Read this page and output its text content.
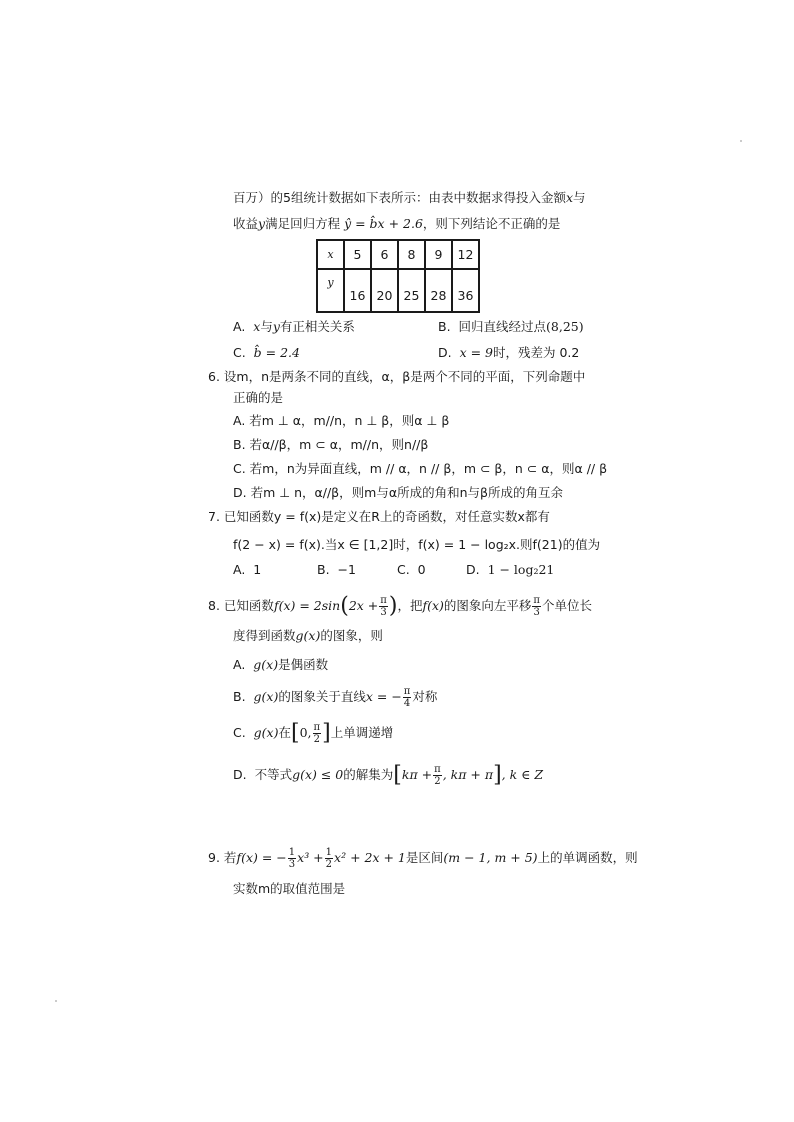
百万）的5组统计数据如下表所示：由表中数据求得投入金额x与
收益y满足回归方程 ŷ = b̂x + 2.6，则下列结论不正确的是
x	5	6	8	9	12
y	16	20	25	28	36
A. x与y有正相关关系	B. 回归直线经过点(8,25)
C. b̂ = 2.4	D. x = 9时，残差为 0.2
6. 设m，n是两条不同的直线，α，β是两个不同的平面，下列命题中
正确的是
A. 若m ⊥ α，m//n，n ⊥ β，则α ⊥ β
B. 若α//β，m ⊂ α，m//n，则n//β
C. 若m，n为异面直线，m // α，n // β，m ⊂ β，n ⊂ α，则α // β
D. 若m ⊥ n，α//β，则m与α所成的角和n与β所成的角互余
7. 已知函数y = f(x)是定义在R上的奇函数，对任意实数x都有
f(2 − x) = f(x).当x ∈ [1,2]时，f(x) = 1 − log₂x.则f(21)的值为
A. 1	B. −1	C. 0	D. 1 − log₂21
8. 已知函数$f(x) = 2\sin(2x + \frac{\pi}{3}$ )，把f(x)的图象向左平移 $\frac{\pi}{3}$ 个单位长
度得到函数g(x)的图象，则
A. g(x)是偶函数
B. g(x)的图象关于直线x = − $\frac{\pi}{4}$ 对称
C. g(x)在[0, $\frac{\pi}{2}$ ]上单调递增
D. 不等式g(x) ≤ 0的解集为[$k\pi + \frac{\pi}{2}$ , kπ + π], k ∈ Z
9. 若f(x) = − $\frac{1}{3} x^3 + \frac{1}{2} x^2 + 2x + 1$是区间(m − 1, m + 5)上的单调函数，则
实数m的取值范围是
